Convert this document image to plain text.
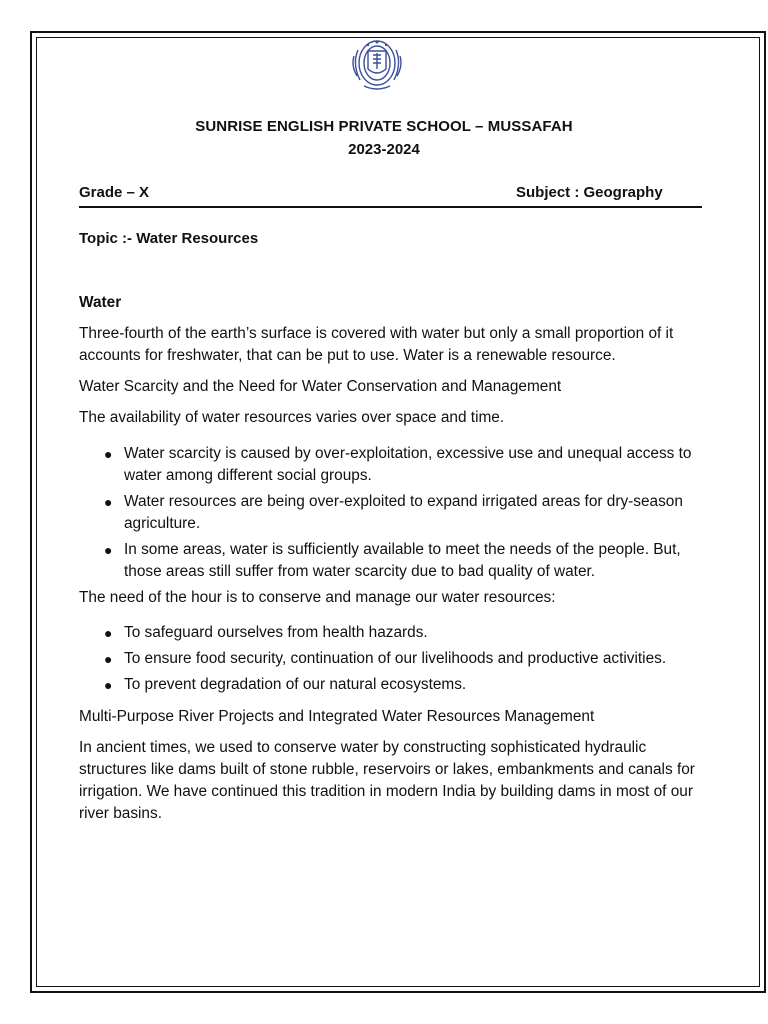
SUNRISE ENGLISH PRIVATE SCHOOL – MUSSAFAH
2023-2024
Grade – X	Subject : Geography
Topic :- Water Resources

Water

Three-fourth of the earth’s surface is covered with water but only a small proportion of it accounts for freshwater, that can be put to use. Water is a renewable resource.

Water Scarcity and the Need for Water Conservation and Management

The availability of water resources varies over space and time.

● Water scarcity is caused by over-exploitation, excessive use and unequal access to water among different social groups.
● Water resources are being over-exploited to expand irrigated areas for dry-season agriculture.
● In some areas, water is sufficiently available to meet the needs of the people. But, those areas still suffer from water scarcity due to bad quality of water.

The need of the hour is to conserve and manage our water resources:

● To safeguard ourselves from health hazards.
● To ensure food security, continuation of our livelihoods and productive activities.
● To prevent degradation of our natural ecosystems.

Multi-Purpose River Projects and Integrated Water Resources Management

In ancient times, we used to conserve water by constructing sophisticated hydraulic structures like dams built of stone rubble, reservoirs or lakes, embankments and canals for irrigation. We have continued this tradition in modern India by building dams in most of our river basins.
